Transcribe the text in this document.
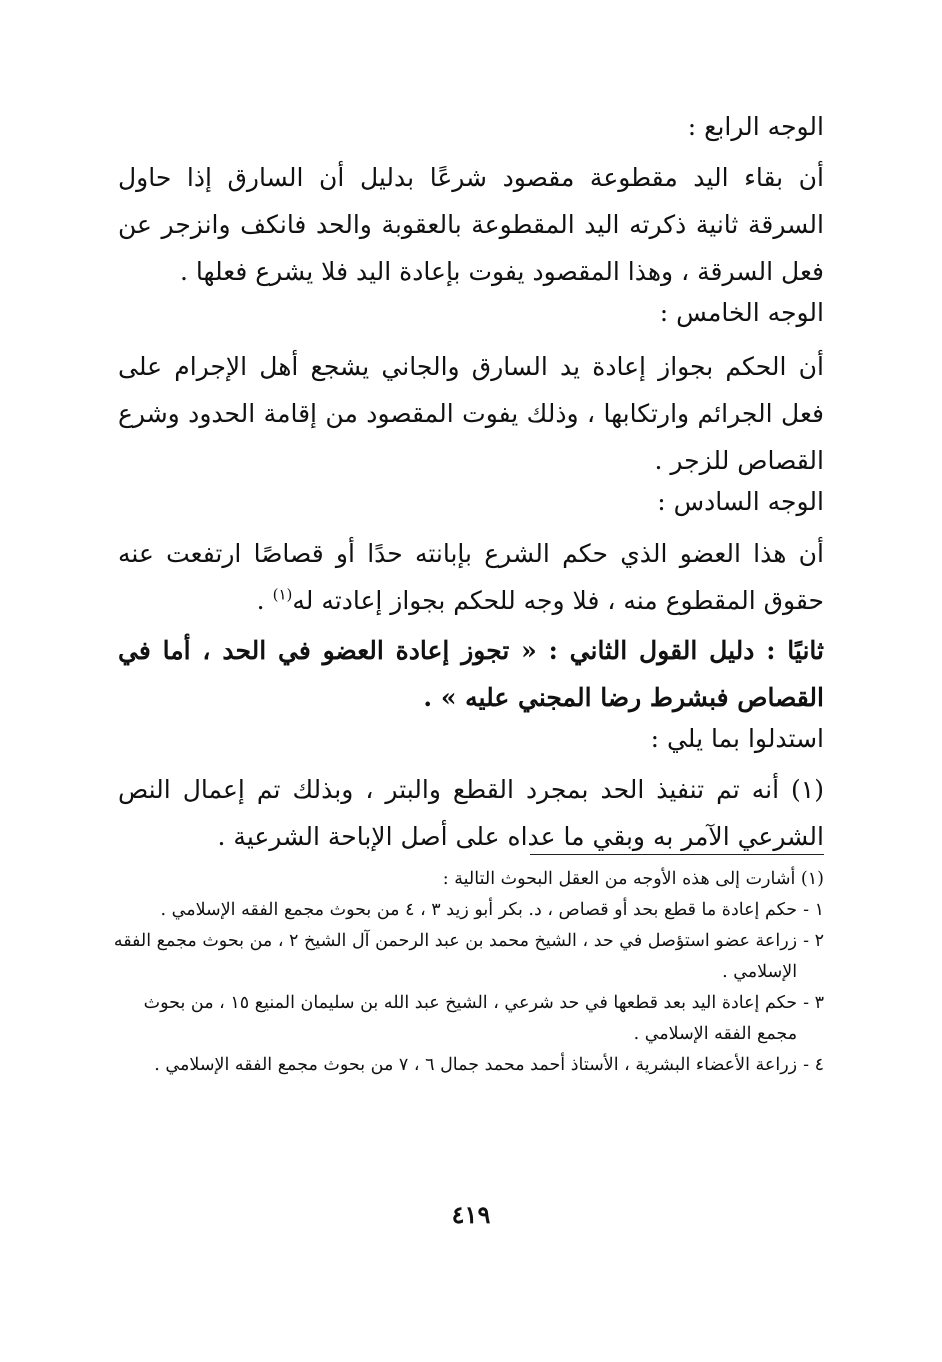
الوجه الرابع :
أن بقاء اليد مقطوعة مقصود شرعًا بدليل أن السارق إذا حاول السرقة ثانية ذكرته اليد المقطوعة بالعقوبة والحد فانكف وانزجر عن فعل السرقة ، وهذا المقصود يفوت بإعادة اليد فلا يشرع فعلها .
الوجه الخامس :
أن الحكم بجواز إعادة يد السارق والجاني يشجع أهل الإجرام على فعل الجرائم وارتكابها ، وذلك يفوت المقصود من إقامة الحدود وشرع القصاص للزجر .
الوجه السادس :
أن هذا العضو الذي حكم الشرع بإبانته حدًا أو قصاصًا ارتفعت عنه حقوق المقطوع منه ، فلا وجه للحكم بجواز إعادته له$^{(١)}$ .
ثانيًا : دليل القول الثاني : « تجوز إعادة العضو في الحد ، أما في القصاص فبشرط رضا المجني عليه » .
استدلوا بما يلي :
(١) أنه تم تنفيذ الحد بمجرد القطع والبتر ، وبذلك تم إعمال النص الشرعي الآمر به وبقي ما عداه على أصل الإباحة الشرعية .
(١) أشارت إلى هذه الأوجه من العقل البحوث التالية :
١ -
حكم إعادة ما قطع بحد أو قصاص ، د. بكر أبو زيد ٣ ، ٤ من بحوث مجمع الفقه الإسلامي .
٢ -
زراعة عضو استؤصل في حد ، الشيخ محمد بن عبد الرحمن آل الشيخ ٢ ، من بحوث مجمع الفقه الإسلامي .
٣ -
حكم إعادة اليد بعد قطعها في حد شرعي ، الشيخ عبد الله بن سليمان المنيع ١٥ ، من بحوث مجمع الفقه الإسلامي .
٤ -
زراعة الأعضاء البشرية ، الأستاذ أحمد محمد جمال ٦ ، ٧ من بحوث مجمع الفقه الإسلامي .
٤١٩
